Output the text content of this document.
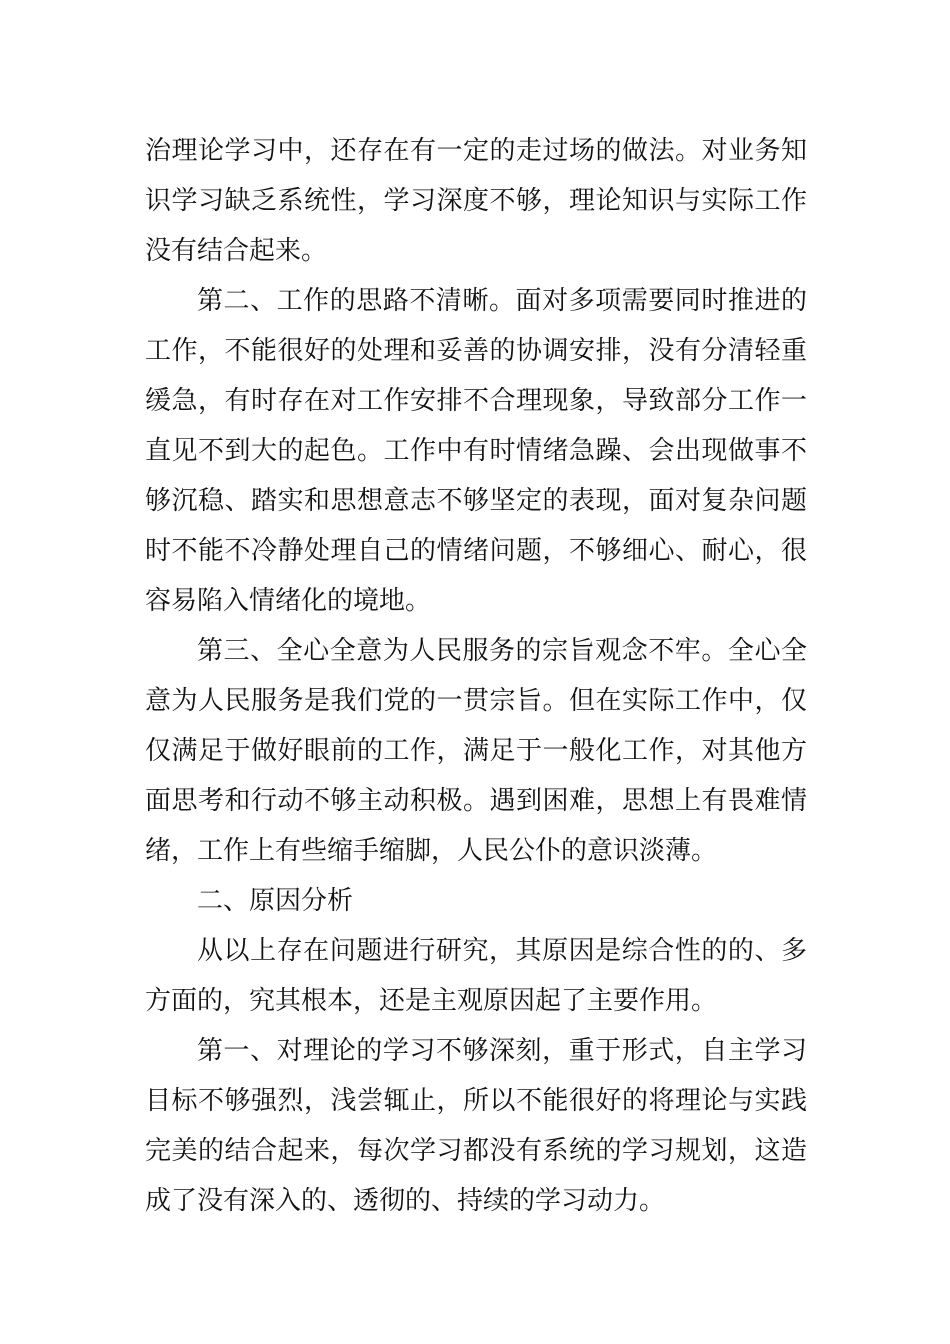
治理论学习中，还存在有一定的走过场的做法。对业务知识学习缺乏系统性，学习深度不够，理论知识与实际工作没有结合起来。

第二、工作的思路不清晰。面对多项需要同时推进的工作，不能很好的处理和妥善的协调安排，没有分清轻重缓急，有时存在对工作安排不合理现象，导致部分工作一直见不到大的起色。工作中有时情绪急躁、会出现做事不够沉稳、踏实和思想意志不够坚定的表现，面对复杂问题时不能不冷静处理自己的情绪问题，不够细心、耐心，很容易陷入情绪化的境地。

第三、全心全意为人民服务的宗旨观念不牢。全心全意为人民服务是我们党的一贯宗旨。但在实际工作中，仅仅满足于做好眼前的工作，满足于一般化工作，对其他方面思考和行动不够主动积极。遇到困难，思想上有畏难情绪，工作上有些缩手缩脚，人民公仆的意识淡薄。

二、原因分析

从以上存在问题进行研究，其原因是综合性的的、多方面的，究其根本，还是主观原因起了主要作用。

第一、对理论的学习不够深刻，重于形式，自主学习目标不够强烈，浅尝辄止，所以不能很好的将理论与实践完美的结合起来，每次学习都没有系统的学习规划，这造成了没有深入的、透彻的、持续的学习动力。
